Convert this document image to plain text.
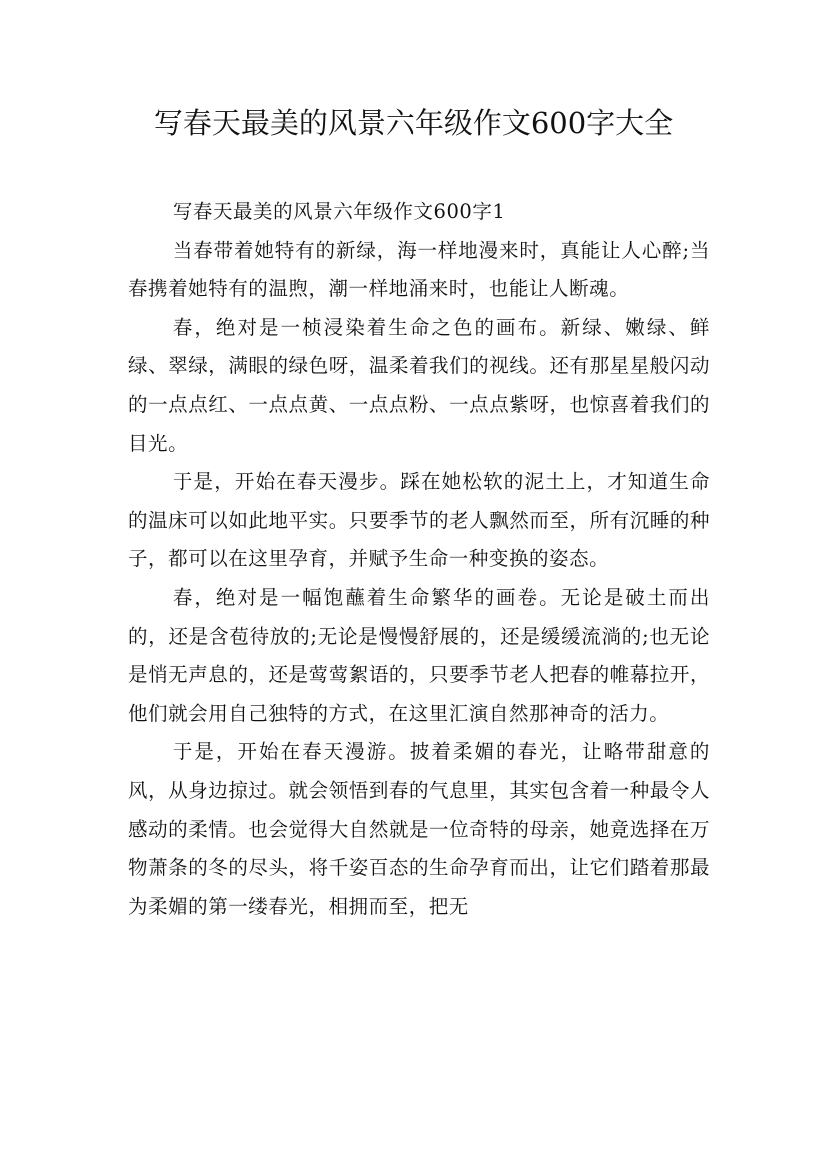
写春天最美的风景六年级作文600字大全

写春天最美的风景六年级作文600字1

当春带着她特有的新绿，海一样地漫来时，真能让人心醉;当春携着她特有的温煦，潮一样地涌来时，也能让人断魂。

春，绝对是一桢浸染着生命之色的画布。新绿、嫩绿、鲜绿、翠绿，满眼的绿色呀，温柔着我们的视线。还有那星星般闪动的一点点红、一点点黄、一点点粉、一点点紫呀，也惊喜着我们的目光。

于是，开始在春天漫步。踩在她松软的泥土上，才知道生命的温床可以如此地平实。只要季节的老人飘然而至，所有沉睡的种子，都可以在这里孕育，并赋予生命一种变换的姿态。

春，绝对是一幅饱蘸着生命繁华的画卷。无论是破土而出的，还是含苞待放的;无论是慢慢舒展的，还是缓缓流淌的;也无论是悄无声息的，还是莺莺絮语的，只要季节老人把春的帷幕拉开，他们就会用自己独特的方式，在这里汇演自然那神奇的活力。

于是，开始在春天漫游。披着柔媚的春光，让略带甜意的风，从身边掠过。就会领悟到春的气息里，其实包含着一种最令人感动的柔情。也会觉得大自然就是一位奇特的母亲，她竟选择在万物萧条的冬的尽头，将千姿百态的生命孕育而出，让它们踏着那最为柔媚的第一缕春光，相拥而至，把无
